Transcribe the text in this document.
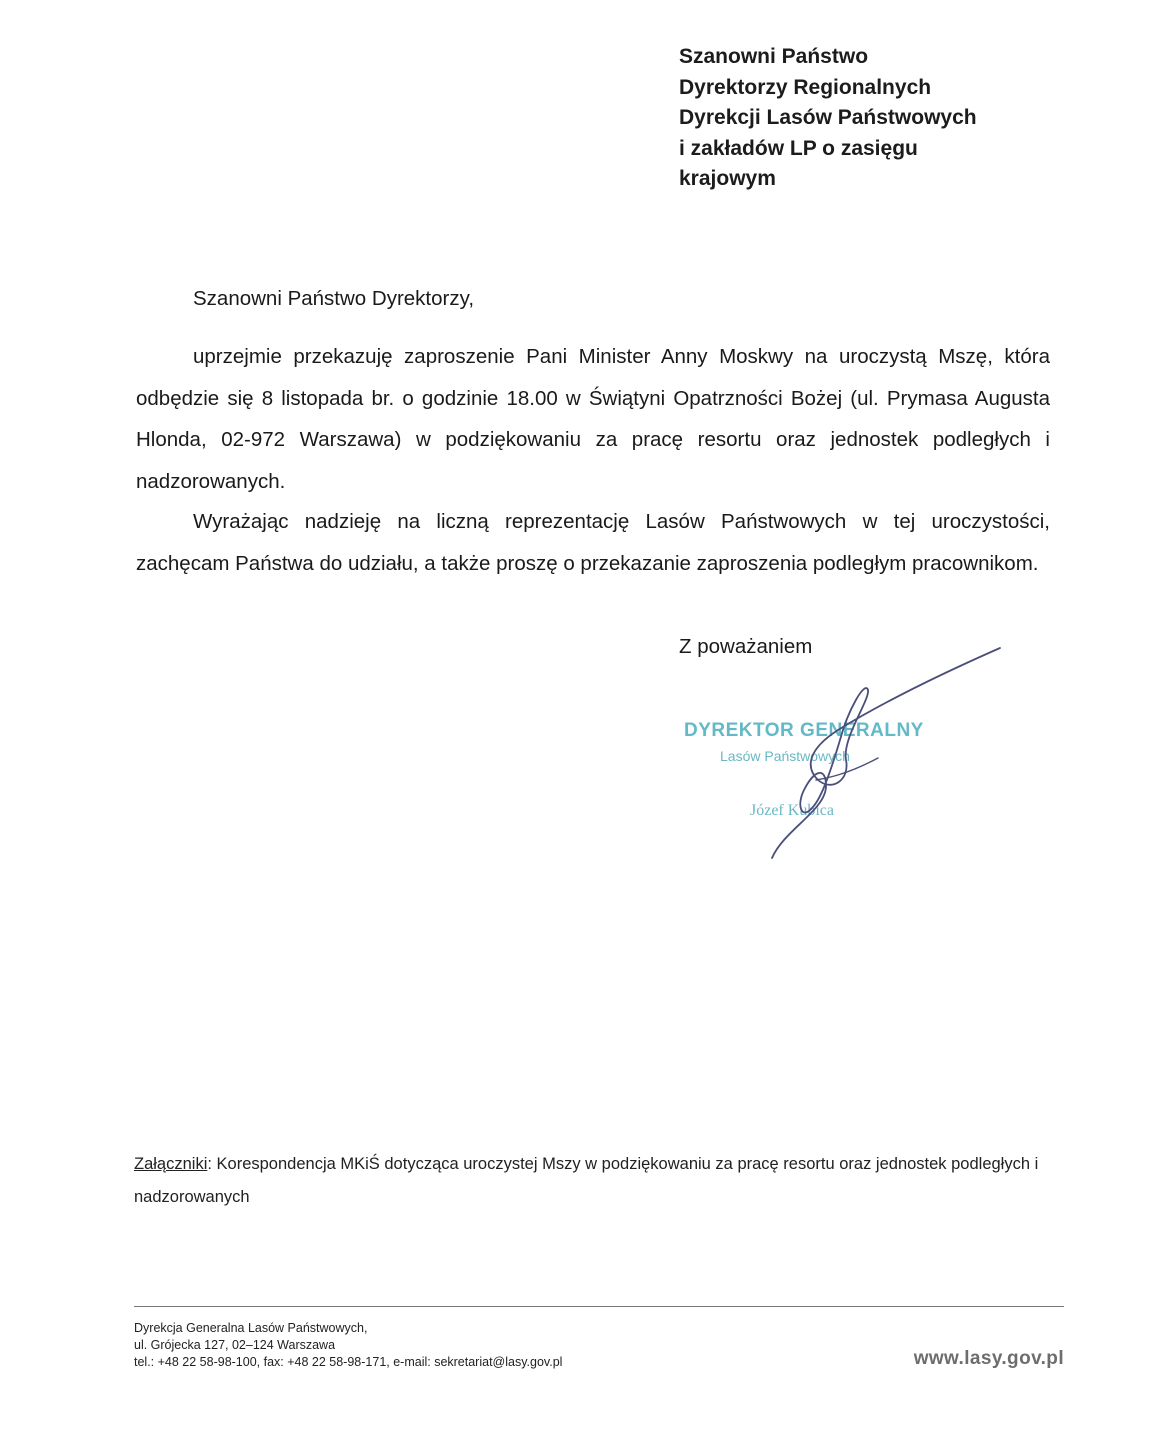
Szanowni Państwo
Dyrektorzy Regionalnych
Dyrekcji Lasów Państwowych
i zakładów LP o zasięgu
krajowym
Szanowni Państwo Dyrektorzy,
uprzejmie przekazuję zaproszenie Pani Minister Anny Moskwy na uroczystą Mszę, która odbędzie się 8 listopada br. o godzinie 18.00 w Świątyni Opatrzności Bożej (ul. Prymasa Augusta Hlonda, 02-972 Warszawa) w podziękowaniu za pracę resortu oraz jednostek podległych i nadzorowanych.
Wyrażając nadzieję na liczną reprezentację Lasów Państwowych w tej uroczystości, zachęcam Państwa do udziału, a także proszę o przekazanie zaproszenia podległym pracownikom.
Z poważaniem
DYREKTOR GENERALNY
Lasów Państwowych
Józef Kubica
Załączniki: Korespondencja MKiŚ dotycząca uroczystej Mszy w podziękowaniu za pracę resortu oraz jednostek podległych i nadzorowanych
Dyrekcja Generalna Lasów Państwowych,
ul. Grójecka 127, 02–124 Warszawa
tel.: +48 22 58-98-100, fax: +48 22 58-98-171, e-mail: sekretariat@lasy.gov.pl	www.lasy.gov.pl
